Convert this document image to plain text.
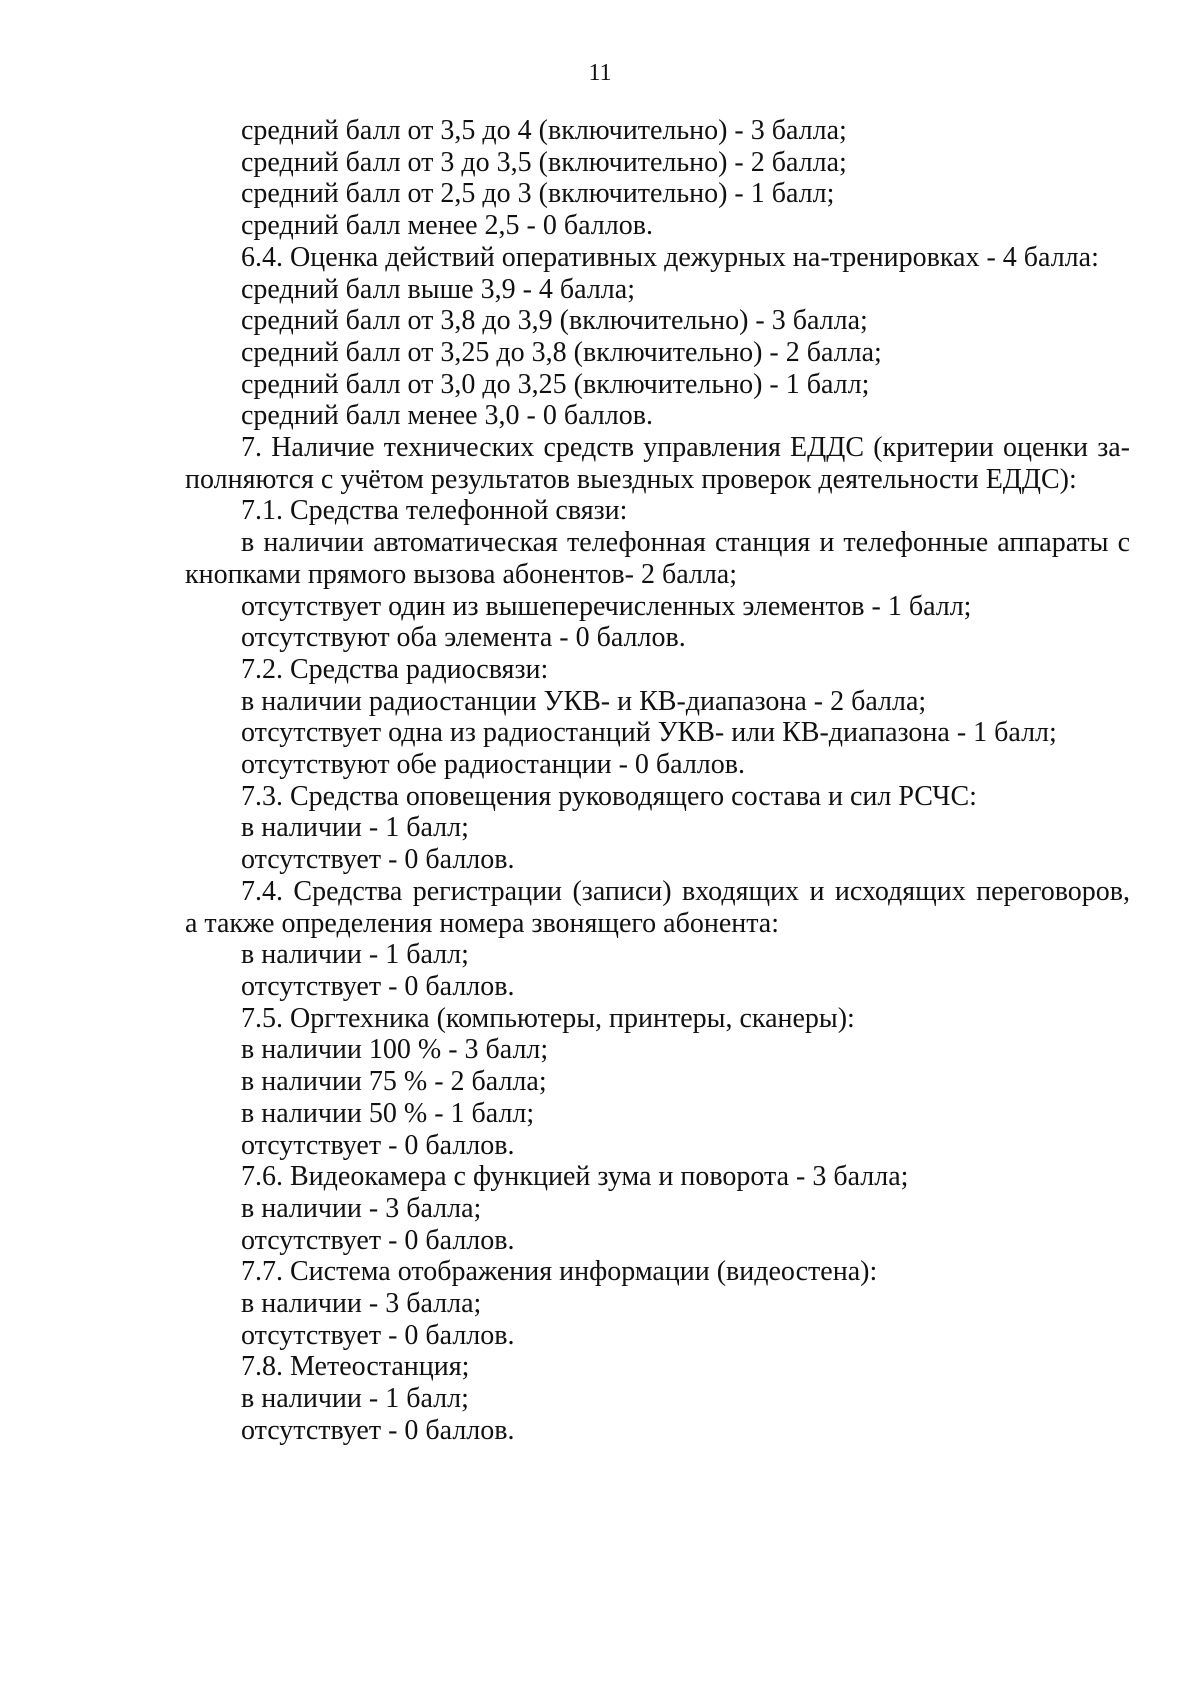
11

средний балл от 3,5 до 4 (включительно) - 3 балла;

средний балл от 3 до 3,5 (включительно) - 2 балла;

средний балл от 2,5 до 3 (включительно) - 1 балл;

средний балл менее 2,5 - 0 баллов.

6.4. Оценка действий оперативных дежурных на-тренировках - 4 балла:

средний балл выше 3,9 - 4 балла;

средний балл от 3,8 до 3,9 (включительно) - 3 балла;

средний балл от 3,25 до 3,8 (включительно) - 2 балла;

средний балл от 3,0 до 3,25 (включительно) - 1 балл;

средний балл менее 3,0 - 0 баллов.

7. Наличие технических средств управления ЕДДС (критерии оценки за-

полняются с учётом результатов выездных проверок деятельности ЕДДС):

7.1. Средства телефонной связи:

в наличии автоматическая телефонная станция и телефонные аппараты с

кнопками прямого вызова абонентов- 2 балла;

отсутствует один из вышеперечисленных элементов - 1 балл;

отсутствуют оба элемента - 0 баллов.

7.2. Средства радиосвязи:

в наличии радиостанции УКВ- и КВ-диапазона - 2 балла;

отсутствует одна из радиостанций УКВ- или КВ-диапазона - 1 балл;

отсутствуют обе радиостанции - 0 баллов.

7.3. Средства оповещения руководящего состава и сил РСЧС:

в наличии - 1 балл;

отсутствует - 0 баллов.

7.4. Средства регистрации (записи) входящих и исходящих переговоров,

а также определения номера звонящего абонента:

в наличии - 1 балл;

отсутствует - 0 баллов.

7.5. Оргтехника (компьютеры, принтеры, сканеры):

в наличии 100 % - 3 балл;

в наличии 75 % - 2 балла;

в наличии 50 % - 1 балл;

отсутствует - 0 баллов.

7.6. Видеокамера с функцией зума и поворота - 3 балла;

в наличии - 3 балла;

отсутствует - 0 баллов.

7.7. Система отображения информации (видеостена):

в наличии - 3 балла;

отсутствует - 0 баллов.

7.8. Метеостанция;

в наличии - 1 балл;

отсутствует - 0 баллов.
